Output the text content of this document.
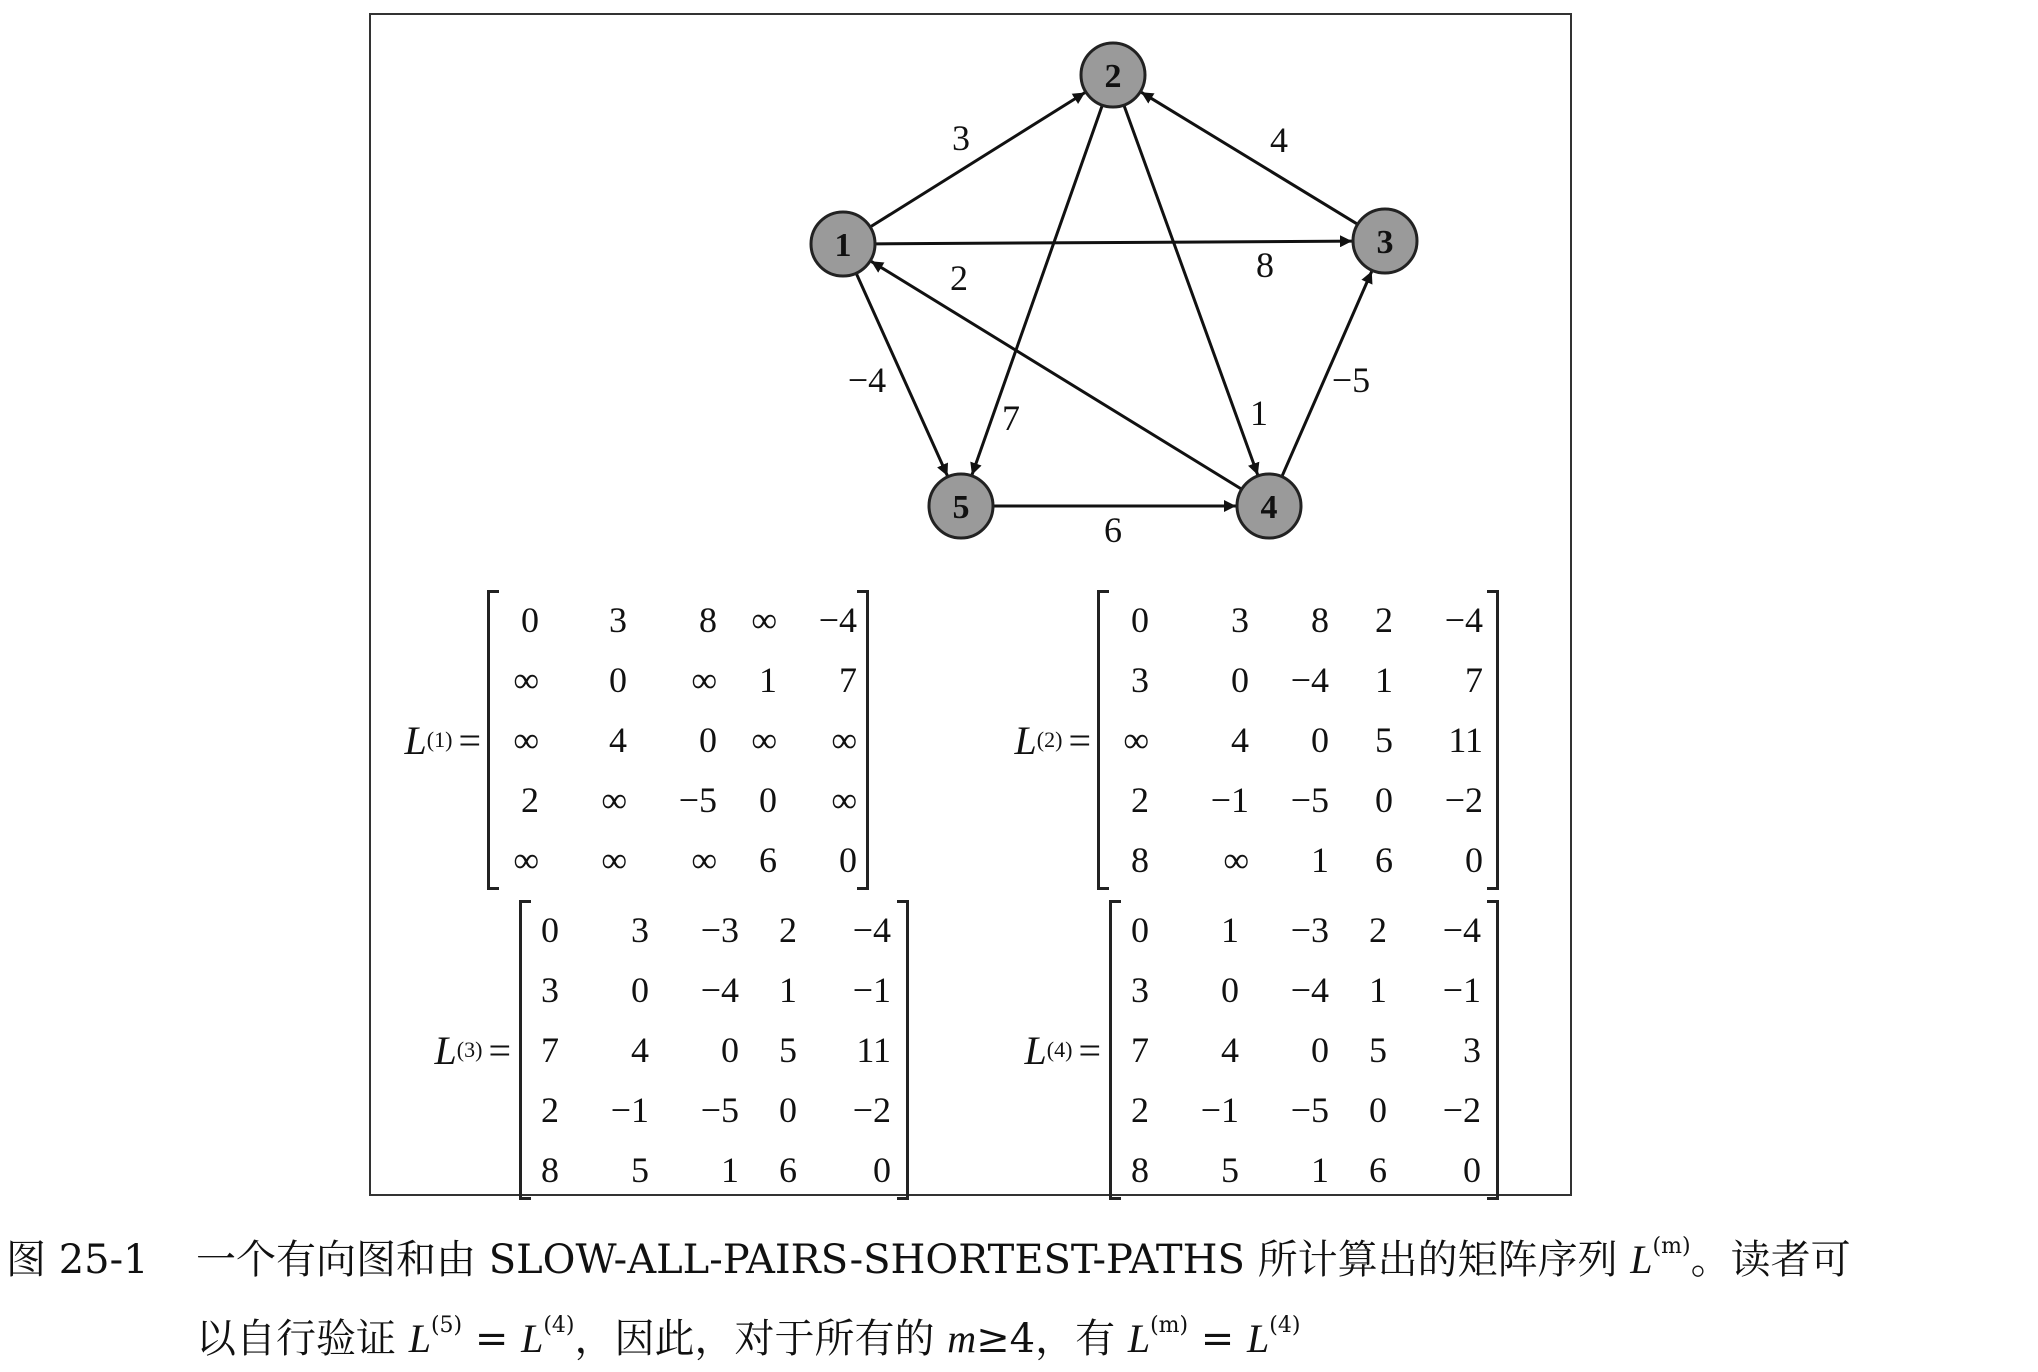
3
8
−4
7	1
4
2
−5
6
1
2
3
4
5
L (1) =
0	3	8 ∞	−4
∞	0	∞	1	7
∞	4	0 ∞	∞
2	∞	−5	0	∞
∞	∞	∞	6	0
L (2) =
0	3	8	2	−4
3	0	−4	1	7
∞	4	0	5	11
2	−1	−5	0	−2
8	∞	1	6	0
L (3) =
0	3	−3	2	−4
3	0	−4	1	−1
7	4	0	5	11
2	−1	−5	0	−2
8	5	1	6	0
L (4) =
0	1	−3	2	−4
3	0	−4	1	−1
7	4	0	5	3
2	−1	−5	0	−2
8	5	1	6	0
图 25-1 一个有向图和由 SLOW-ALL-PAIRS-SHORTEST-PATHS 所计算出的矩阵序列 $L^{(m)}$。读者可
以自行验证 $L^{(5)} = L^{(4)}$，因此，对于所有的 m≥4，有 $L^{(m)} = L^{(4)}$
